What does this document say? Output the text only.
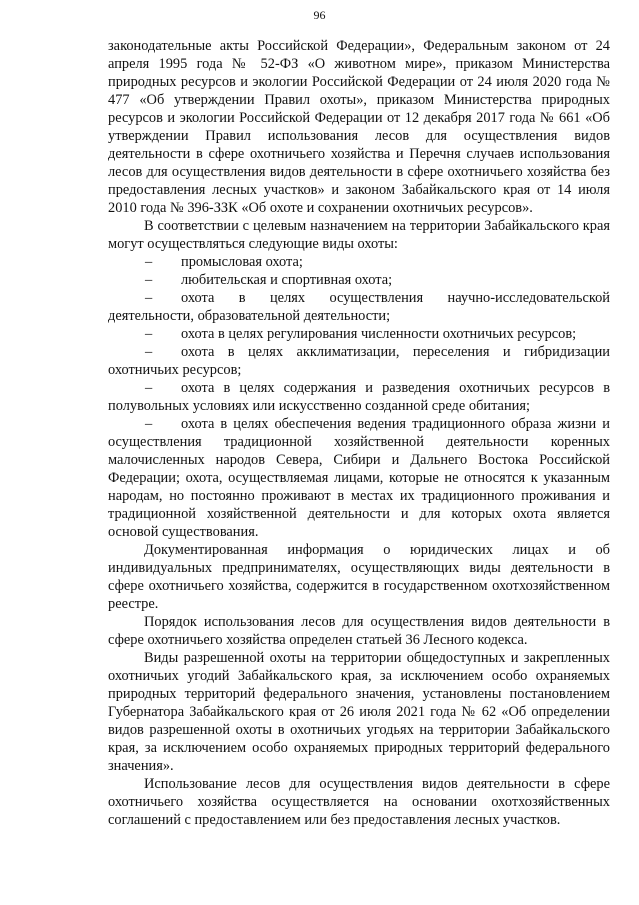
96

законодательные акты Российской Федерации», Федеральным законом от 24 апреля 1995 года № 52-ФЗ «О животном мире», приказом Министерства природных ресурсов и экологии Российской Федерации от 24 июля 2020 года № 477 «Об утверждении Правил охоты», приказом Министерства природных ресурсов и экологии Российской Федерации от 12 декабря 2017 года № 661 «Об утверждении Правил использования лесов для осуществления видов деятельности в сфере охотничьего хозяйства и Перечня случаев использования лесов для осуществления видов деятельности в сфере охотничьего хозяйства без предоставления лесных участков» и законом Забайкальского края от 14 июля 2010 года № 396-ЗЗК «Об охоте и сохранении охотничьих ресурсов».

В соответствии с целевым назначением на территории Забайкальского края могут осуществляться следующие виды охоты:

– промысловая охота;

– любительская и спортивная охота;

– охота в целях осуществления научно-исследовательской деятельности, образовательной деятельности;

– охота в целях регулирования численности охотничьих ресурсов;

– охота в целях акклиматизации, переселения и гибридизации охотничьих ресурсов;

– охота в целях содержания и разведения охотничьих ресурсов в полувольных условиях или искусственно созданной среде обитания;

– охота в целях обеспечения ведения традиционного образа жизни и осуществления традиционной хозяйственной деятельности коренных малочисленных народов Севера, Сибири и Дальнего Востока Российской Федерации; охота, осуществляемая лицами, которые не относятся к указанным народам, но постоянно проживают в местах их традиционного проживания и традиционной хозяйственной деятельности и для которых охота является основой существования.

Документированная информация о юридических лицах и об индивидуальных предпринимателях, осуществляющих виды деятельности в сфере охотничьего хозяйства, содержится в государственном охотхозяйственном реестре.

Порядок использования лесов для осуществления видов деятельности в сфере охотничьего хозяйства определен статьей 36 Лесного кодекса.

Виды разрешенной охоты на территории общедоступных и закрепленных охотничьих угодий Забайкальского края, за исключением особо охраняемых природных территорий федерального значения, установлены постановлением Губернатора Забайкальского края от 26 июля 2021 года № 62 «Об определении видов разрешенной охоты в охотничьих угодьях на территории Забайкальского края, за исключением особо охраняемых природных территорий федерального значения».

Использование лесов для осуществления видов деятельности в сфере охотничьего хозяйства осуществляется на основании охотхозяйственных соглашений с предоставлением или без предоставления лесных участков.
